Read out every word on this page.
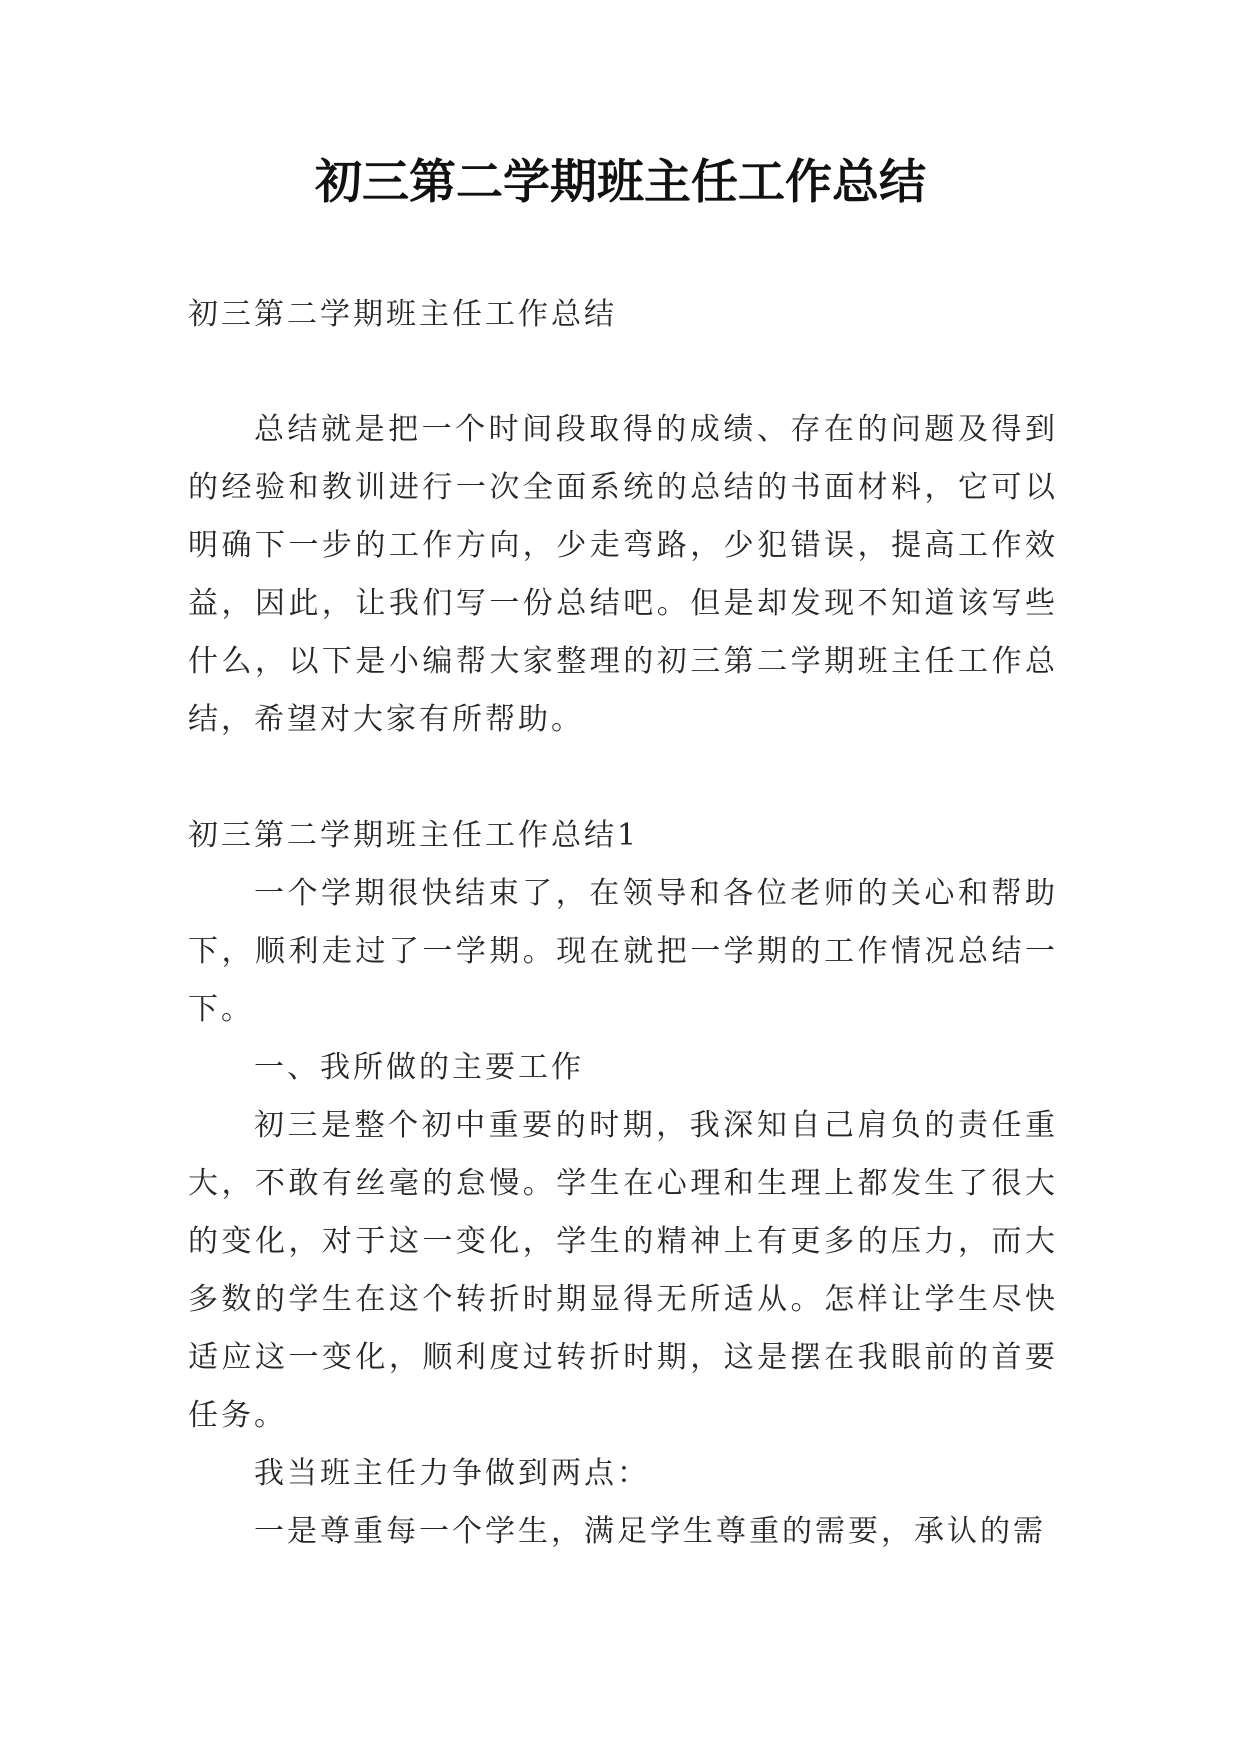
初三第二学期班主任工作总结

初三第二学期班主任工作总结

总结就是把一个时间段取得的成绩、存在的问题及得到的经验和教训进行一次全面系统的总结的书面材料，它可以明确下一步的工作方向，少走弯路，少犯错误，提高工作效益，因此，让我们写一份总结吧。但是却发现不知道该写些什么，以下是小编帮大家整理的初三第二学期班主任工作总结，希望对大家有所帮助。

初三第二学期班主任工作总结1

一个学期很快结束了，在领导和各位老师的关心和帮助下，顺利走过了一学期。现在就把一学期的工作情况总结一下。

一、我所做的主要工作

初三是整个初中重要的时期，我深知自己肩负的责任重大，不敢有丝毫的怠慢。学生在心理和生理上都发生了很大的变化，对于这一变化，学生的精神上有更多的压力，而大多数的学生在这个转折时期显得无所适从。怎样让学生尽快适应这一变化，顺利度过转折时期，这是摆在我眼前的首要任务。

我当班主任力争做到两点：

一是尊重每一个学生，满足学生尊重的需要，承认的需
